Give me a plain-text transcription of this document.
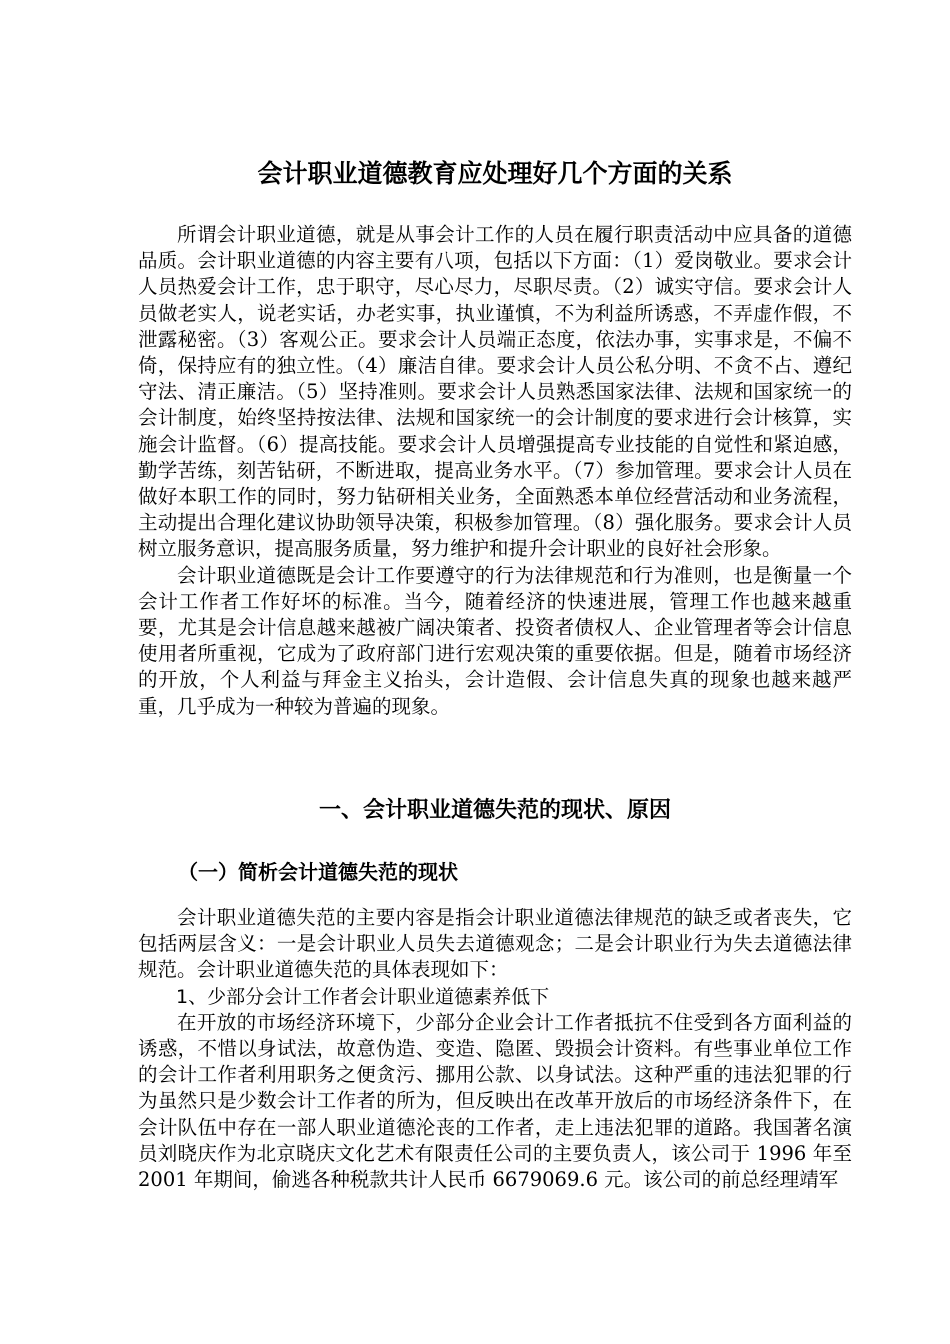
会计职业道德教育应处理好几个方面的关系

所谓会计职业道德，就是从事会计工作的人员在履行职责活动中应具备的道德品质。会计职业道德的内容主要有八项，包括以下方面：（1）爱岗敬业。要求会计人员热爱会计工作，忠于职守，尽心尽力，尽职尽责。（2）诚实守信。要求会计人员做老实人，说老实话，办老实事，执业谨慎，不为利益所诱惑，不弄虚作假，不泄露秘密。（3）客观公正。要求会计人员端正态度，依法办事，实事求是，不偏不倚，保持应有的独立性。（4）廉洁自律。要求会计人员公私分明、不贪不占、遵纪守法、清正廉洁。（5）坚持准则。要求会计人员熟悉国家法律、法规和国家统一的会计制度，始终坚持按法律、法规和国家统一的会计制度的要求进行会计核算，实施会计监督。（6）提高技能。要求会计人员增强提高专业技能的自觉性和紧迫感，勤学苦练，刻苦钻研，不断进取，提高业务水平。（7）参加管理。要求会计人员在做好本职工作的同时，努力钻研相关业务，全面熟悉本单位经营活动和业务流程，主动提出合理化建议协助领导决策，积极参加管理。（8）强化服务。要求会计人员树立服务意识，提高服务质量，努力维护和提升会计职业的良好社会形象。

会计职业道德既是会计工作要遵守的行为法律规范和行为准则，也是衡量一个会计工作者工作好坏的标准。当今，随着经济的快速进展，管理工作也越来越重要，尤其是会计信息越来越被广阔决策者、投资者债权人、企业管理者等会计信息使用者所重视，它成为了政府部门进行宏观决策的重要依据。但是，随着市场经济的开放，个人利益与拜金主义抬头，会计造假、会计信息失真的现象也越来越严重，几乎成为一种较为普遍的现象。

一、会计职业道德失范的现状、原因
（一）简析会计道德失范的现状

会计职业道德失范的主要内容是指会计职业道德法律规范的缺乏或者丧失，它包括两层含义：一是会计职业人员失去道德观念；二是会计职业行为失去道德法律规范。会计职业道德失范的具体表现如下：

1、少部分会计工作者会计职业道德素养低下

在开放的市场经济环境下，少部分企业会计工作者抵抗不住受到各方面利益的诱惑，不惜以身试法，故意伪造、变造、隐匿、毁损会计资料。有些事业单位工作的会计工作者利用职务之便贪污、挪用公款、以身试法。这种严重的违法犯罪的行为虽然只是少数会计工作者的所为，但反映出在改革开放后的市场经济条件下，在会计队伍中存在一部人职业道德沦丧的工作者，走上违法犯罪的道路。我国著名演员刘晓庆作为北京晓庆文化艺术有限责任公司的主要负责人，该公司于 1996 年至 2001 年期间，偷逃各种税款共计人民币 6679069.6 元。该公司的前总经理靖军
